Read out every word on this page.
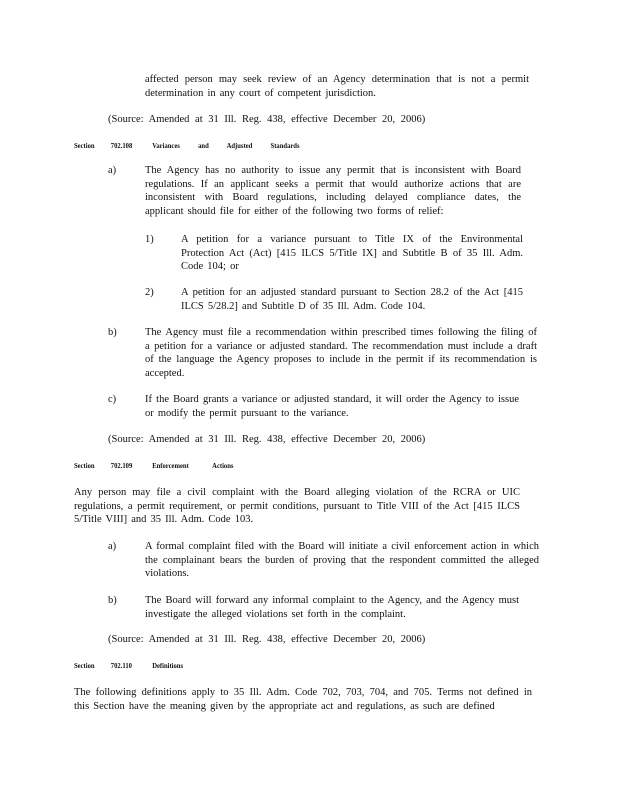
affected person may seek review of an Agency determination that is not a permit determination in any court of competent jurisdiction.
(Source: Amended at 31 Ill. Reg. 438, effective December 20, 2006)
Section 702.108	Variances and Adjusted Standards
a)	The Agency has no authority to issue any permit that is inconsistent with Board regulations. If an applicant seeks a permit that would authorize actions that are inconsistent with Board regulations, including delayed compliance dates, the applicant should file for either of the following two forms of relief:
1)	A petition for a variance pursuant to Title IX of the Environmental Protection Act (Act) [415 ILCS 5/Title IX] and Subtitle B of 35 Ill. Adm. Code 104; or
2)	A petition for an adjusted standard pursuant to Section 28.2 of the Act [415 ILCS 5/28.2] and Subtitle D of 35 Ill. Adm. Code 104.
b)	The Agency must file a recommendation within prescribed times following the filing of a petition for a variance or adjusted standard. The recommendation must include a draft of the language the Agency proposes to include in the permit if its recommendation is accepted.
c)	If the Board grants a variance or adjusted standard, it will order the Agency to issue or modify the permit pursuant to the variance.
(Source: Amended at 31 Ill. Reg. 438, effective December 20, 2006)
Section 702.109	Enforcement Actions
Any person may file a civil complaint with the Board alleging violation of the RCRA or UIC regulations, a permit requirement, or permit conditions, pursuant to Title VIII of the Act [415 ILCS 5/Title VIII] and 35 Ill. Adm. Code 103.
a)	A formal complaint filed with the Board will initiate a civil enforcement action in which the complainant bears the burden of proving that the respondent committed the alleged violations.
b)	The Board will forward any informal complaint to the Agency, and the Agency must investigate the alleged violations set forth in the complaint.
(Source: Amended at 31 Ill. Reg. 438, effective December 20, 2006)
Section 702.110	Definitions
The following definitions apply to 35 Ill. Adm. Code 702, 703, 704, and 705. Terms not defined in this Section have the meaning given by the appropriate act and regulations, as such are defined
